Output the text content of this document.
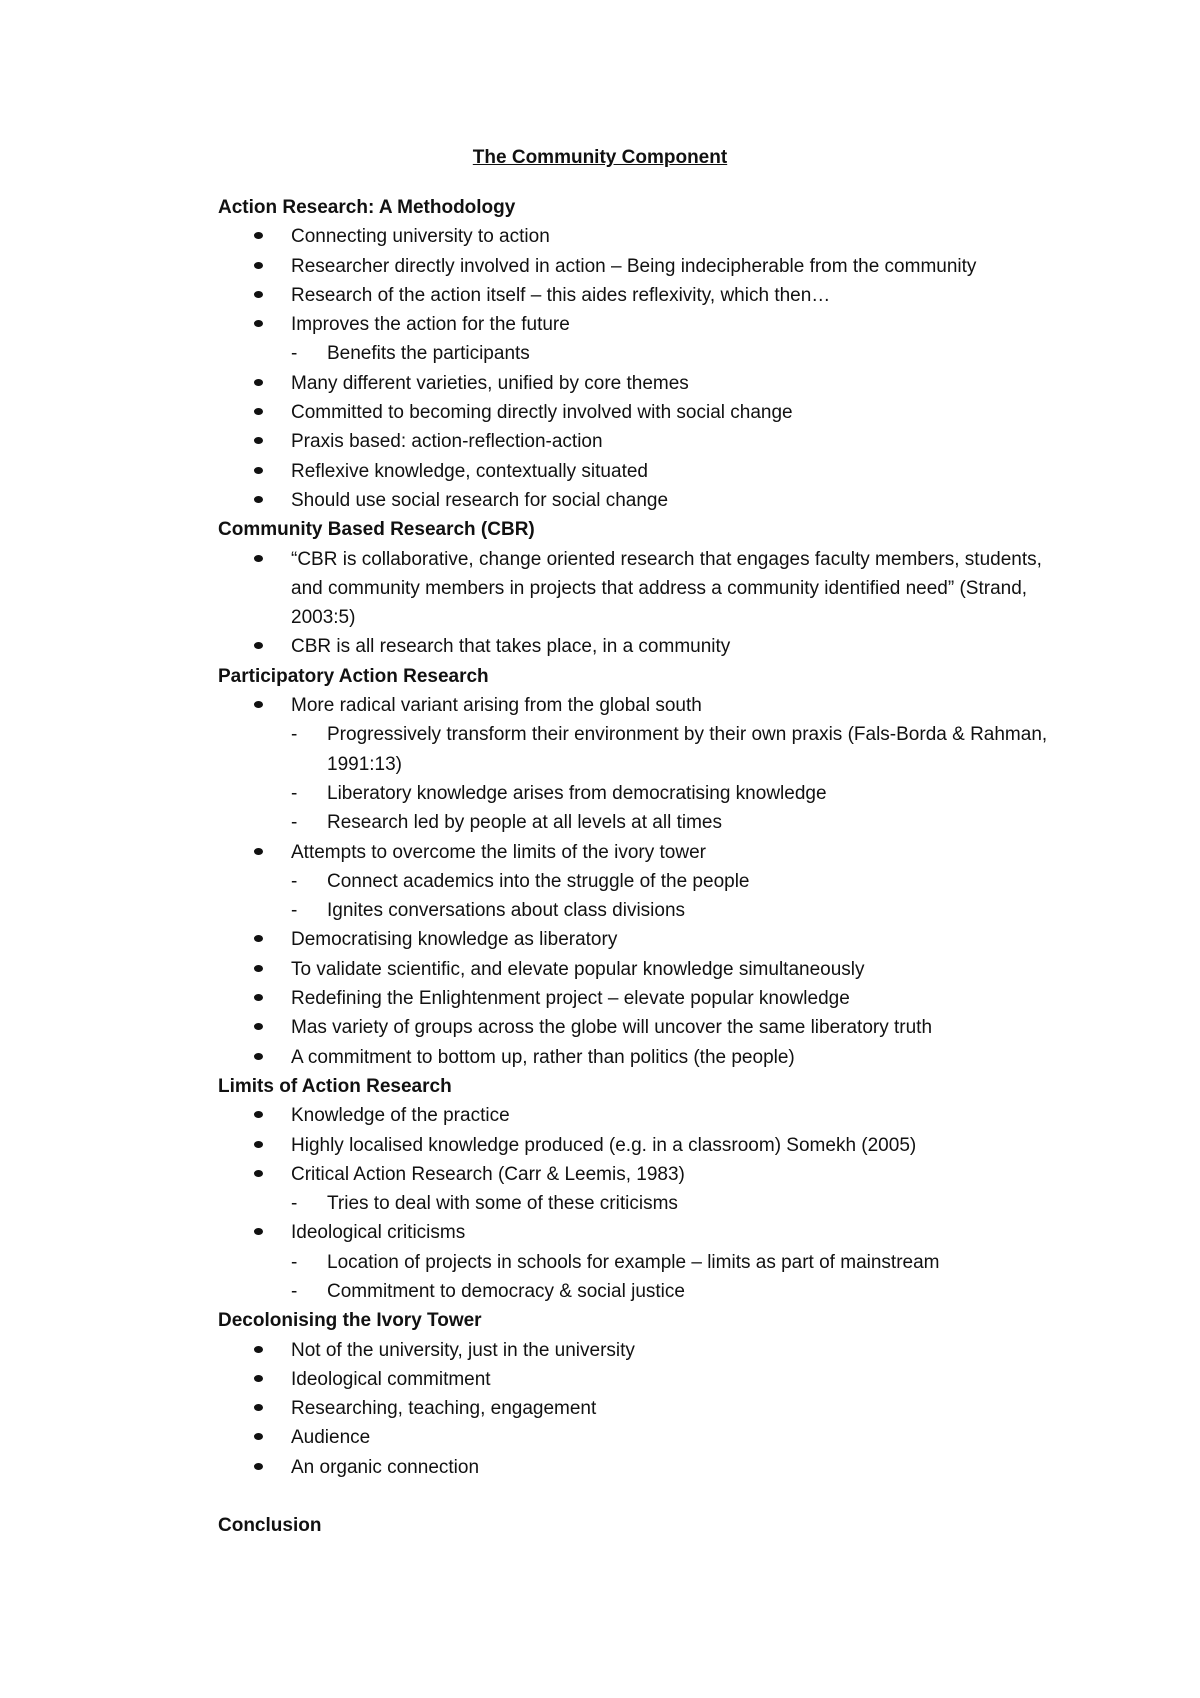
The Community Component
Action Research: A Methodology
Connecting university to action
Researcher directly involved in action – Being indecipherable from the community
Research of the action itself – this aides reflexivity, which then…
Improves the action for the future
- Benefits the participants
Many different varieties, unified by core themes
Committed to becoming directly involved with social change
Praxis based: action-reflection-action
Reflexive knowledge, contextually situated
Should use social research for social change
Community Based Research (CBR)
“CBR is collaborative, change oriented research that engages faculty members, students, and community members in projects that address a community identified need” (Strand, 2003:5)
CBR is all research that takes place, in a community
Participatory Action Research
More radical variant arising from the global south
- Progressively transform their environment by their own praxis (Fals-Borda & Rahman, 1991:13)
- Liberatory knowledge arises from democratising knowledge
- Research led by people at all levels at all times
Attempts to overcome the limits of the ivory tower
- Connect academics into the struggle of the people
- Ignites conversations about class divisions
Democratising knowledge as liberatory
To validate scientific, and elevate popular knowledge simultaneously
Redefining the Enlightenment project – elevate popular knowledge
Mas variety of groups across the globe will uncover the same liberatory truth
A commitment to bottom up, rather than politics (the people)
Limits of Action Research
Knowledge of the practice
Highly localised knowledge produced (e.g. in a classroom) Somekh (2005)
Critical Action Research (Carr & Leemis, 1983)
- Tries to deal with some of these criticisms
Ideological criticisms
- Location of projects in schools for example – limits as part of mainstream
- Commitment to democracy & social justice
Decolonising the Ivory Tower
Not of the university, just in the university
Ideological commitment
Researching, teaching, engagement
Audience
An organic connection
Conclusion
